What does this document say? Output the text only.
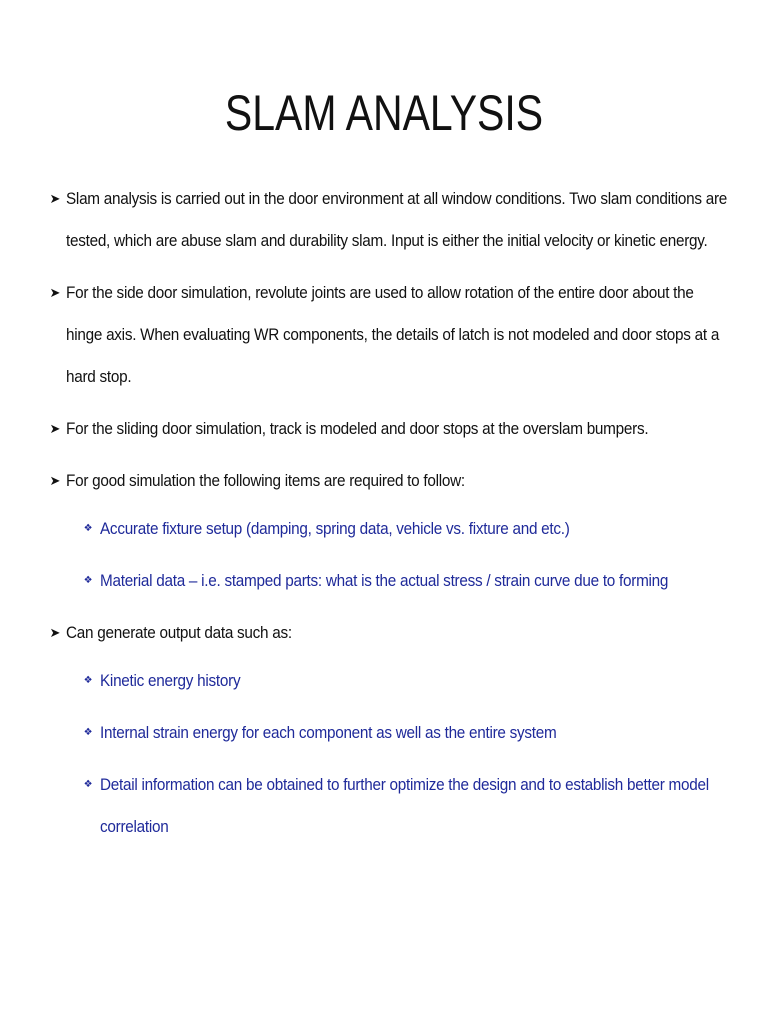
SLAM ANALYSIS
➤ Slam analysis is carried out in the door environment at all window conditions. Two slam conditions are tested, which are abuse slam and durability slam. Input is either the initial velocity or kinetic energy.
➤ For the side door simulation, revolute joints are used to allow rotation of the entire door about the hinge axis. When evaluating WR components, the details of latch is not modeled and door stops at a hard stop.
➤ For the sliding door simulation, track is modeled and door stops at the overslam bumpers.
➤ For good simulation the following items are required to follow:
❖ Accurate fixture setup (damping, spring data, vehicle vs. fixture and etc.)
❖ Material data – i.e. stamped parts: what is the actual stress / strain curve due to forming
➤ Can generate output data such as:
❖ Kinetic energy history
❖ Internal strain energy for each component as well as the entire system
❖ Detail information can be obtained to further optimize the design and to establish better model correlation
